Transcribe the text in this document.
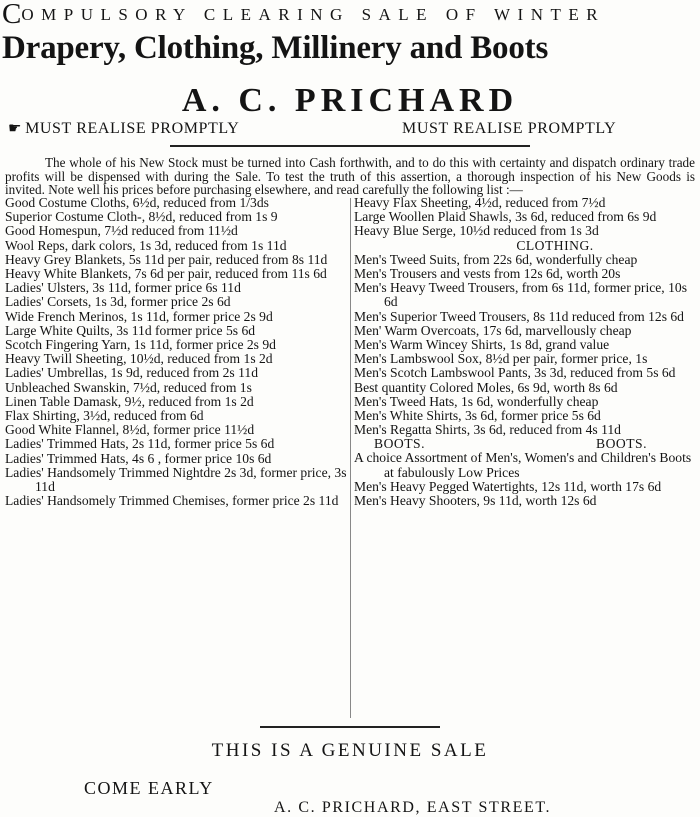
COMPULSORY CLEARING SALE OF WINTER
Drapery, Clothing, Millinery and Boots
A. C. PRICHARD
☛ MUST REALISE PROMPTLY	MUST REALISE PROMPTLY

The whole of his New Stock must be turned into Cash forthwith, and to do this with certainty and dispatch ordinary trade profits will be dispensed with during the Sale. To test the truth of this assertion, a thorough inspection of his New Goods is invited. Note well his prices before purchasing elsewhere, and read carefully the following list :—

Good Costume Cloths, 6½d, reduced from 1/3ds

Superior Costume Cloth-, 8½d, reduced from 1s 9

Good Homespun, 7½d reduced from 11½d

Wool Reps, dark colors, 1s 3d, reduced from 1s 11d

Heavy Grey Blankets, 5s 11d per pair, reduced from 8s 11d

Heavy White Blankets, 7s 6d per pair, reduced from 11s 6d

Ladies' Ulsters, 3s 11d, former price 6s 11d

Ladies' Corsets, 1s 3d, former price 2s 6d

Wide French Merinos, 1s 11d, former price 2s 9d

Large White Quilts, 3s 11d former price 5s 6d

Scotch Fingering Yarn, 1s 11d, former price 2s 9d

Heavy Twill Sheeting, 10½d, reduced from 1s 2d

Ladies' Umbrellas, 1s 9d, reduced from 2s 11d

Unbleached Swanskin, 7½d, reduced from 1s

Linen Table Damask, 9½, reduced from 1s 2d

Flax Shirting, 3½d, reduced from 6d

Good White Flannel, 8½d, former price 11½d

Ladies' Trimmed Hats, 2s 11d, former price 5s 6d

Ladies' Trimmed Hats, 4s 6 , former price 10s 6d

Ladies' Handsomely Trimmed Nightdre 2s 3d, former price, 3s 11d

Ladies' Handsomely Trimmed Chemises, former price 2s 11d

Heavy Flax Sheeting, 4½d, reduced from 7½d

Large Woollen Plaid Shawls, 3s 6d, reduced from 6s 9d

Heavy Blue Serge, 10½d reduced from 1s 3d

CLOTHING.

Men's Tweed Suits, from 22s 6d, wonderfully cheap

Men's Trousers and vests from 12s 6d, worth 20s

Men's Heavy Tweed Trousers, from 6s 11d, former price, 10s 6d

Men's Superior Tweed Trousers, 8s 11d reduced from 12s 6d

Men' Warm Overcoats, 17s 6d, marvellously cheap

Men's Warm Wincey Shirts, 1s 8d, grand value

Men's Lambswool Sox, 8½d per pair, former price, 1s

Men's Scotch Lambswool Pants, 3s 3d, reduced from 5s 6d

Best quantity Colored Moles, 6s 9d, worth 8s 6d

Men's Tweed Hats, 1s 6d, wonderfully cheap

Men's White Shirts, 3s 6d, former price 5s 6d

Men's Regatta Shirts, 3s 6d, reduced from 4s 11d

BOOTS.	BOOTS.

A choice Assortment of Men's, Women's and Children's Boots at fabulously Low Prices

Men's Heavy Pegged Watertights, 12s 11d, worth 17s 6d

Men's Heavy Shooters, 9s 11d, worth 12s 6d

THIS IS A GENUINE SALE
COME EARLY
A. C. PRICHARD, EAST STREET.
